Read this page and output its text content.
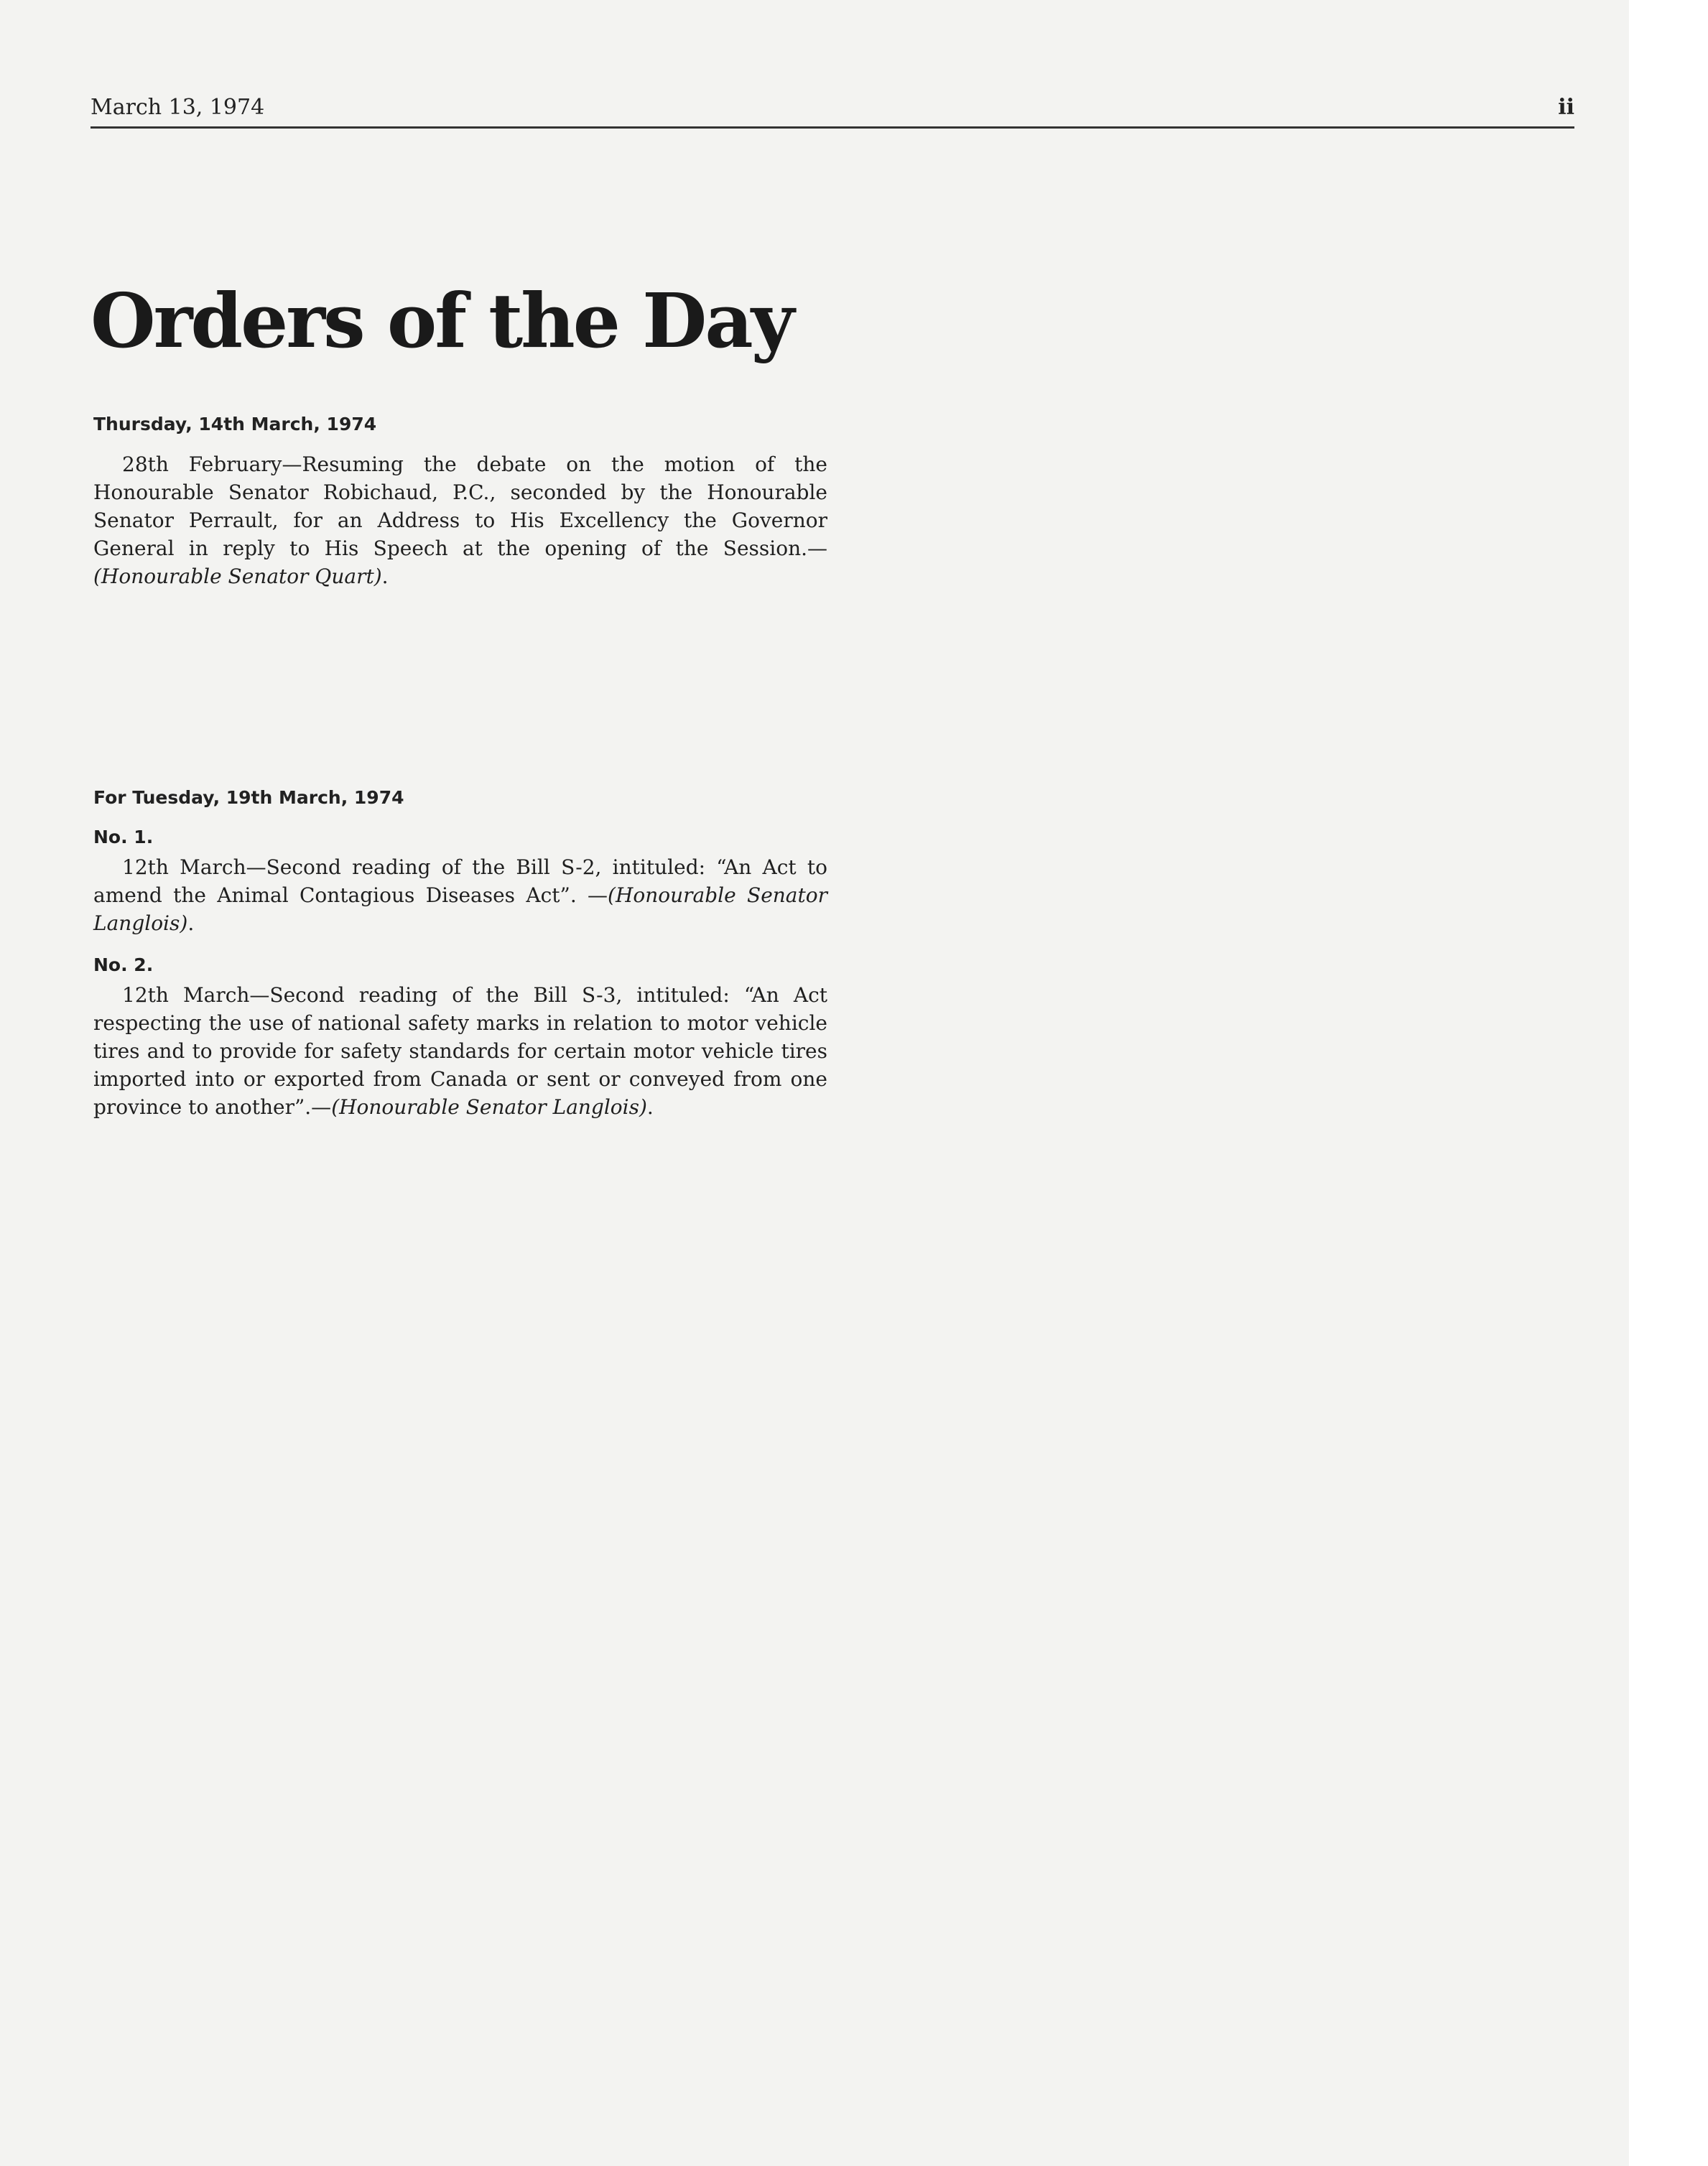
March 13, 1974	ii
Orders of the Day

Thursday, 14th March, 1974

28th February—Resuming the debate on the motion of the Honourable Senator Robichaud, P.C., seconded by the Honourable Senator Perrault, for an Address to His Excellency the Governor General in reply to His Speech at the opening of the Session.—(Honourable Senator Quart).

For Tuesday, 19th March, 1974

No. 1.

12th March—Second reading of the Bill S-2, intituled: “An Act to amend the Animal Contagious Diseases Act”. —(Honourable Senator Langlois).

No. 2.

12th March—Second reading of the Bill S-3, intituled: “An Act respecting the use of national safety marks in relation to motor vehicle tires and to provide for safety standards for certain motor vehicle tires imported into or exported from Canada or sent or conveyed from one province to another”.—(Honourable Senator Langlois).
